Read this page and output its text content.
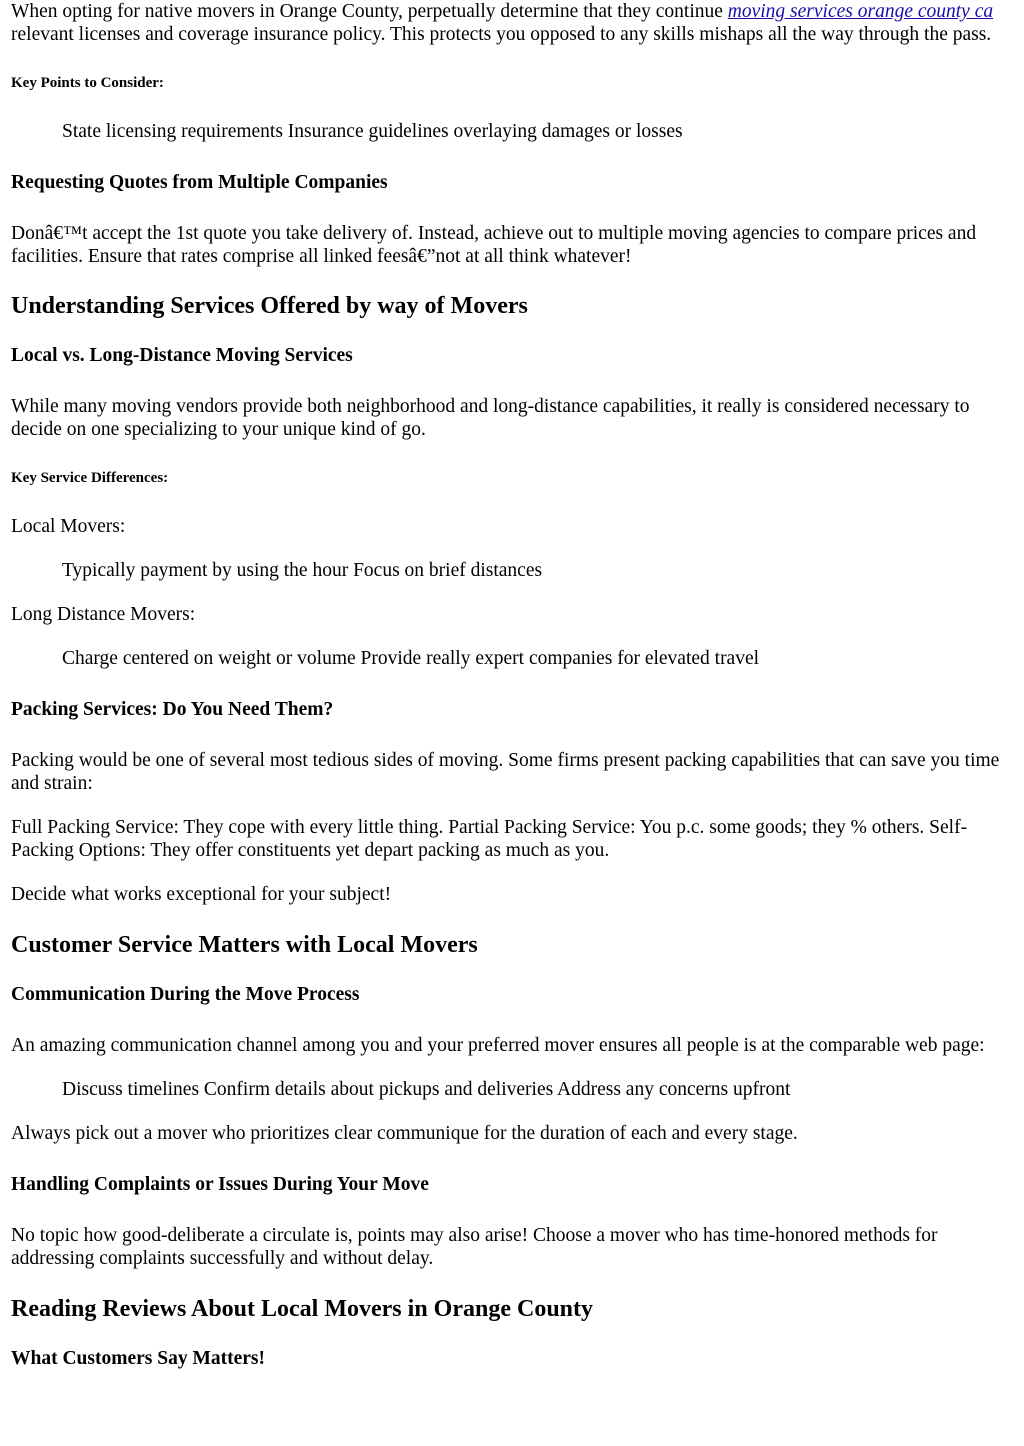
When opting for native movers in Orange County, perpetually determine that they continue moving services orange county ca relevant licenses and coverage insurance policy. This protects you opposed to any skills mishaps all the way through the pass.

Key Points to Consider:

State licensing requirements Insurance guidelines overlaying damages or losses

Requesting Quotes from Multiple Companies

Donâ€™t accept the 1st quote you take delivery of. Instead, achieve out to multiple moving agencies to compare prices and facilities. Ensure that rates comprise all linked feesâ€”not at all think whatever!

Understanding Services Offered by way of Movers
Local vs. Long-Distance Moving Services

While many moving vendors provide both neighborhood and long-distance capabilities, it really is considered necessary to decide on one specializing to your unique kind of go.

Key Service Differences:

Local Movers:

Typically payment by using the hour Focus on brief distances

Long Distance Movers:

Charge centered on weight or volume Provide really expert companies for elevated travel

Packing Services: Do You Need Them?

Packing would be one of several most tedious sides of moving. Some firms present packing capabilities that can save you time and strain:

Full Packing Service: They cope with every little thing. Partial Packing Service: You p.c. some goods; they % others. Self-Packing Options: They offer constituents yet depart packing as much as you.

Decide what works exceptional for your subject!

Customer Service Matters with Local Movers
Communication During the Move Process

An amazing communication channel among you and your preferred mover ensures all people is at the comparable web page:

Discuss timelines Confirm details about pickups and deliveries Address any concerns upfront

Always pick out a mover who prioritizes clear communique for the duration of each and every stage.

Handling Complaints or Issues During Your Move

No topic how good-deliberate a circulate is, points may also arise! Choose a mover who has time-honored methods for addressing complaints successfully and without delay.

Reading Reviews About Local Movers in Orange County
What Customers Say Matters!
